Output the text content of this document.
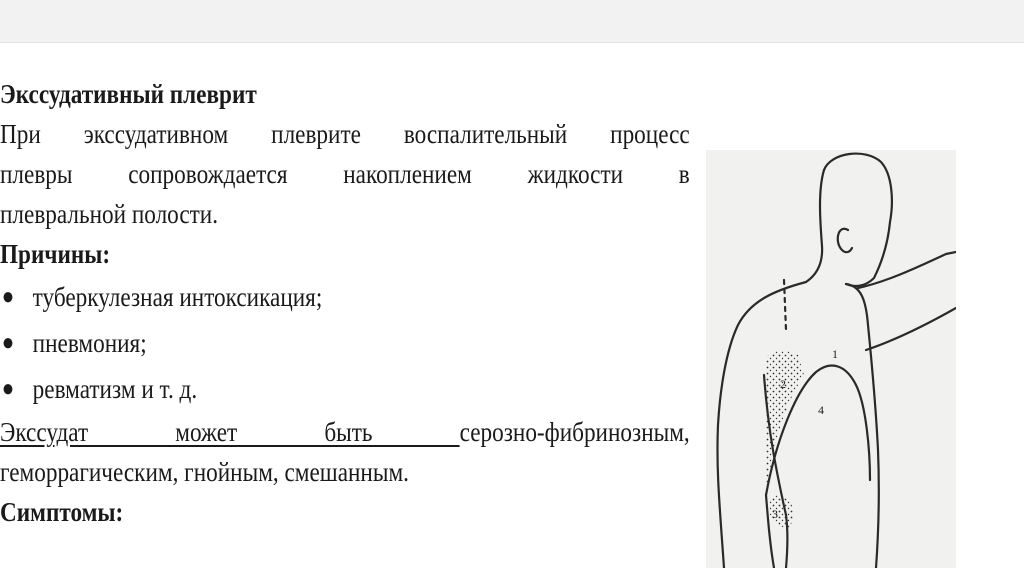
Экссудативный плеврит

При экссудативном плеврите воспалительный процесс

плевры сопровождается накоплением жидкости в

плевральной полости.

Причины:

● туберкулезная интоксикация;
● пневмония;
● ревматизм и т. д.

Экссудат может быть серозно-фибринозным,

геморрагическим, гнойным, смешанным.

Симптомы:

1
2
3
4
